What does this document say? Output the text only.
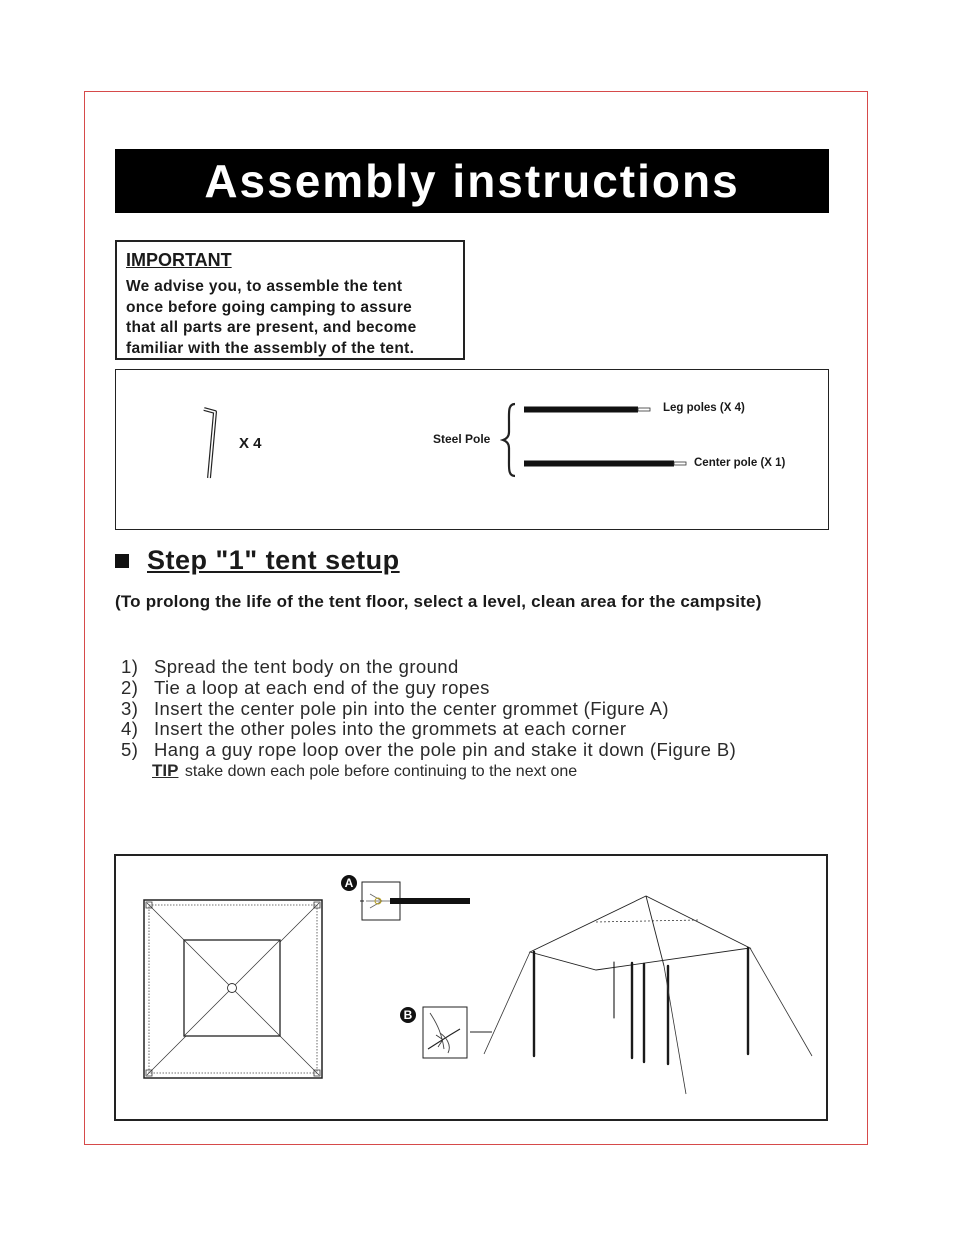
Assembly instructions
IMPORTANT
We advise you, to assemble the tent
once before going camping to assure
that all parts are present, and become
familiar with the assembly of the tent.
X 4	Steel Pole
Leg poles (X 4)
Center pole (X 1)
Step "1" tent setup
(To prolong the life of the tent floor, select a level, clean area for the campsite)
1) Spread the tent body on the ground
2) Tie a loop at each end of the guy ropes
3) Insert the center pole pin into the center grommet (Figure A)
4) Insert the other poles into the grommets at each corner
5) Hang a guy rope loop over the pole pin and stake it down (Figure B)
TIP stake down each pole before continuing to the next one
A
B
